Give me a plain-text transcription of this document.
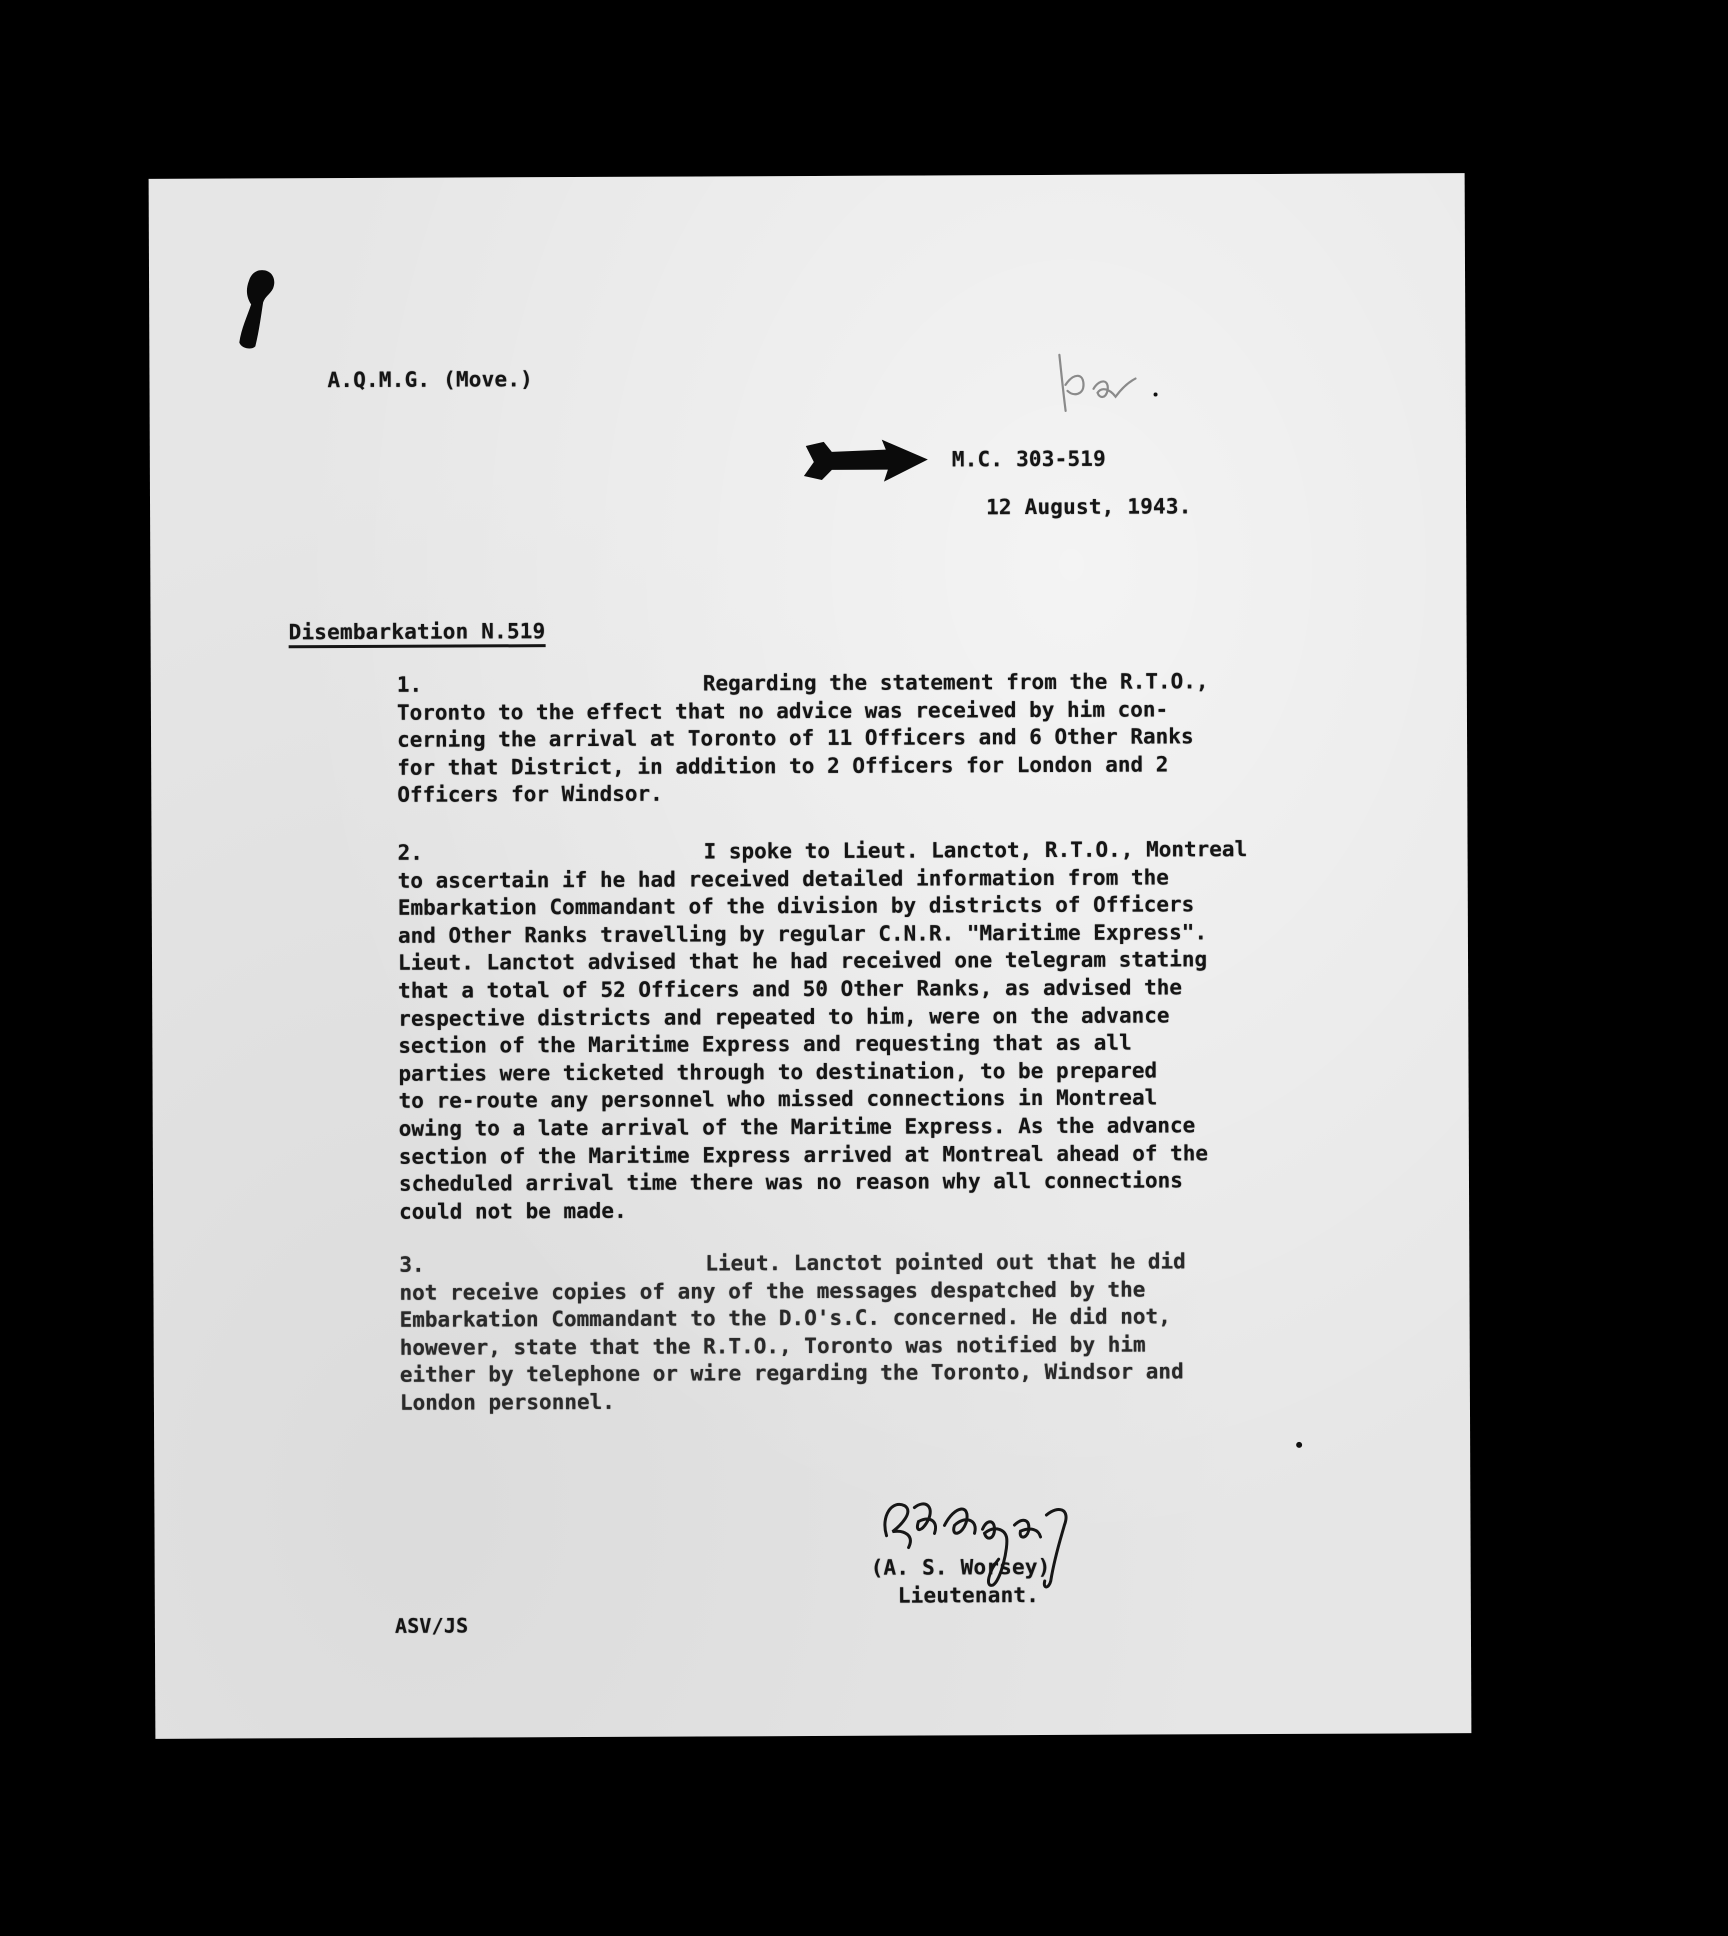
A.Q.M.G. (Move.)
M.C. 303-519
12 August, 1943.
Disembarkation N.519
1.	Regarding the statement from the R.T.O.,
Toronto to the effect that no advice was received by him con-
cerning the arrival at Toronto of 11 Officers and 6 Other Ranks
for that District, in addition to 2 Officers for London and 2
Officers for Windsor.
2.	I spoke to Lieut. Lanctot, R.T.O., Montreal
to ascertain if he had received detailed information from the
Embarkation Commandant of the division by districts of Officers
and Other Ranks travelling by regular C.N.R. "Maritime Express".
Lieut. Lanctot advised that he had received one telegram stating
that a total of 52 Officers and 50 Other Ranks, as advised the
respective districts and repeated to him, were on the advance
section of the Maritime Express and requesting that as all
parties were ticketed through to destination, to be prepared
to re-route any personnel who missed connections in Montreal
owing to a late arrival of the Maritime Express. As the advance
section of the Maritime Express arrived at Montreal ahead of the
scheduled arrival time there was no reason why all connections
could not be made.
3.	Lieut. Lanctot pointed out that he did
not receive copies of any of the messages despatched by the
Embarkation Commandant to the D.O's.C. concerned. He did not,
however, state that the R.T.O., Toronto was notified by him
either by telephone or wire regarding the Toronto, Windsor and
London personnel.
(A. S. Worsey)
Lieutenant.
ASV/JS
